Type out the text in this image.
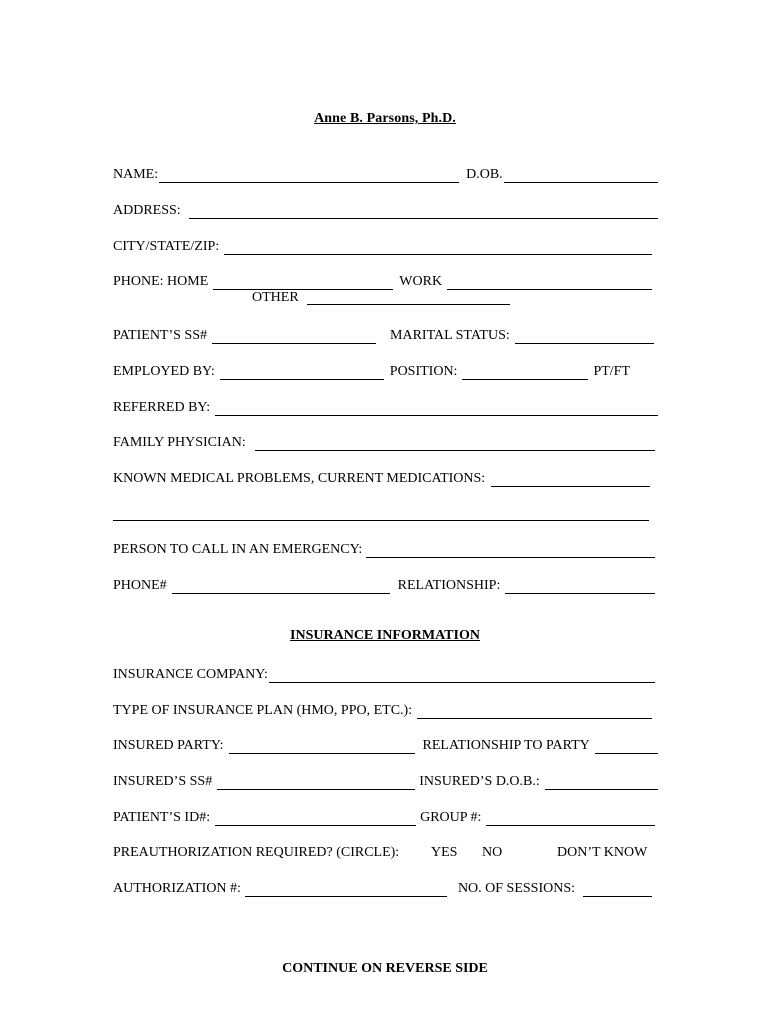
Anne B. Parsons, Ph.D.
NAME:	D.OB.
ADDRESS:
CITY/STATE/ZIP:
PHONE: HOME	WORK
OTHER
PATIENT’S SS#	MARITAL STATUS:
EMPLOYED BY:	POSITION:	PT/FT
REFERRED BY:
FAMILY PHYSICIAN:
KNOWN MEDICAL PROBLEMS, CURRENT MEDICATIONS:
PERSON TO CALL IN AN EMERGENCY:
PHONE#	RELATIONSHIP:
INSURANCE INFORMATION
INSURANCE COMPANY:
TYPE OF INSURANCE PLAN (HMO, PPO, ETC.):
INSURED PARTY:	RELATIONSHIP TO PARTY
INSURED’S SS#	INSURED’S D.O.B.:
PATIENT’S ID#:	GROUP #:
PREAUTHORIZATION REQUIRED? (CIRCLE): YES NO	DON’T KNOW
AUTHORIZATION #:	NO. OF SESSIONS:
CONTINUE ON REVERSE SIDE
